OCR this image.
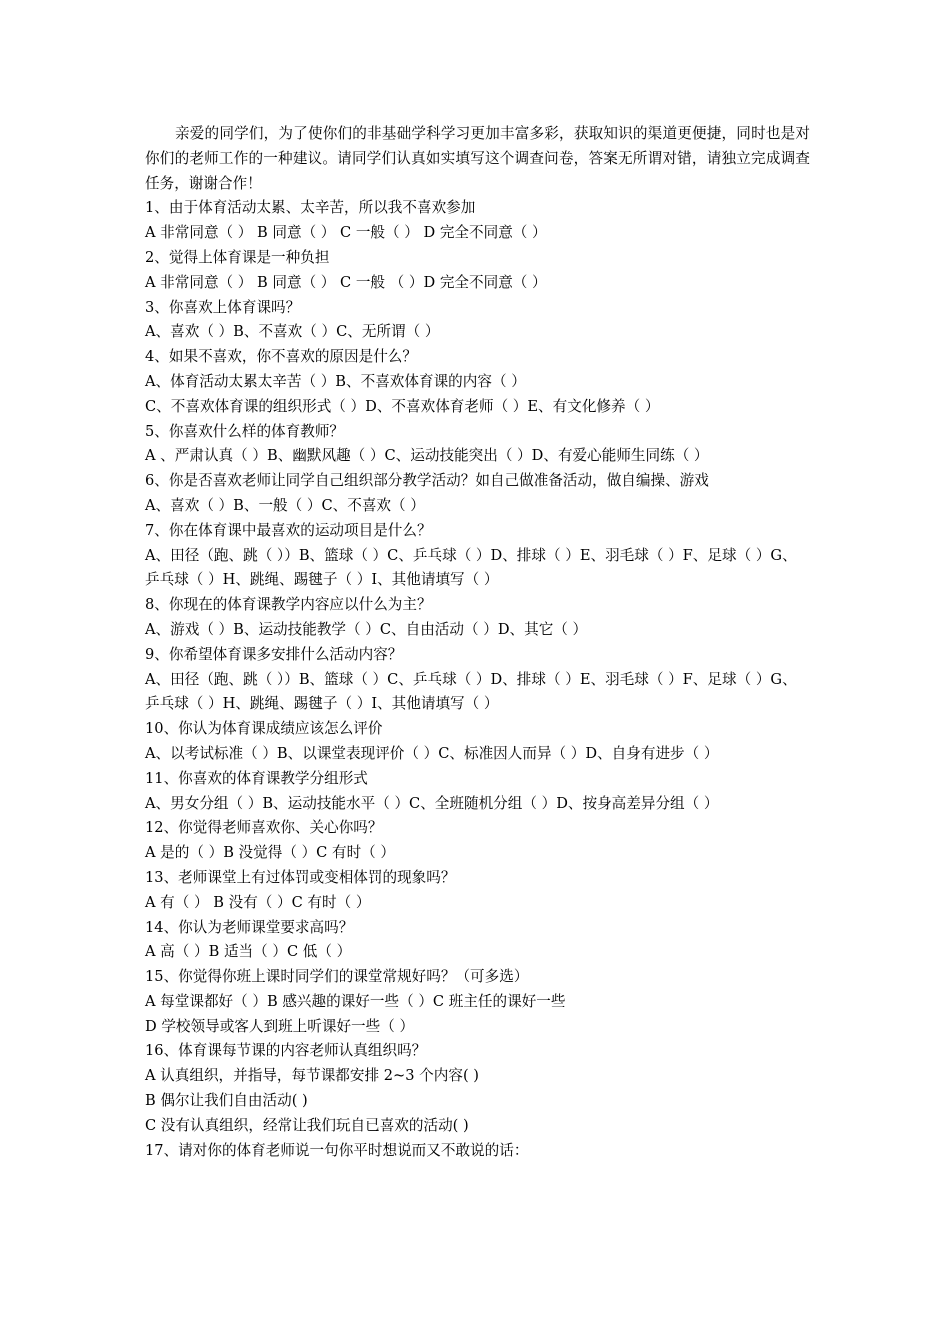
亲爱的同学们，为了使你们的非基础学科学习更加丰富多彩，获取知识的渠道更便捷，同时也是对你们的老师工作的一种建议。请同学们认真如实填写这个调查问卷，答案无所谓对错，请独立完成调查任务，谢谢合作！

1、由于体育活动太累、太辛苦，所以我不喜欢参加

A 非常同意（ ） B 同意（ ） C 一般（ ） D 完全不同意（ ）

2、觉得上体育课是一种负担

A 非常同意（ ） B 同意（ ） C 一般 （ ）D 完全不同意（ ）

3、你喜欢上体育课吗？

A、喜欢（ ）B、不喜欢（ ）C、无所谓（ ）

4、如果不喜欢，你不喜欢的原因是什么？

A、体育活动太累太辛苦（ ）B、不喜欢体育课的内容（ ）

C、不喜欢体育课的组织形式（ ）D、不喜欢体育老师（ ）E、有文化修养（ ）

5、你喜欢什么样的体育教师？

A 、严肃认真（ ）B、幽默风趣（ ）C、运动技能突出（ ）D、有爱心能师生同练（ ）

6、你是否喜欢老师让同学自己组织部分教学活动？如自己做准备活动，做自编操、游戏

A、喜欢（ ）B、一般（ ）C、不喜欢（ ）

7、你在体育课中最喜欢的运动项目是什么？

A、田径（跑、跳（ ））B、篮球（ ）C、乒乓球（ ）D、排球（ ）E、羽毛球（ ）F、足球（ ）G、乒乓球（ ）H、跳绳、踢毽子（ ）I、其他请填写（ ）

8、你现在的体育课教学内容应以什么为主？

A、游戏（ ）B、运动技能教学（ ）C、自由活动（ ）D、其它（ ）

9、你希望体育课多安排什么活动内容？

A、田径（跑、跳（ ））B、篮球（ ）C、乒乓球（ ）D、排球（ ）E、羽毛球（ ）F、足球（ ）G、乒乓球（ ）H、跳绳、踢毽子（ ）I、其他请填写（ ）

10、你认为体育课成绩应该怎么评价

A、以考试标准（ ）B、以课堂表现评价（ ）C、标准因人而异（ ）D、自身有进步（ ）

11、你喜欢的体育课教学分组形式

A、男女分组（ ）B、运动技能水平（ ）C、全班随机分组（ ）D、按身高差异分组（ ）

12、你觉得老师喜欢你、关心你吗？

A 是的（ ）B 没觉得（ ）C 有时（ ）

13、老师课堂上有过体罚或变相体罚的现象吗？

A 有（ ） B 没有（ ）C 有时（ ）

14、你认为老师课堂要求高吗？

A 高（ ）B 适当（ ）C 低（ ）

15、你觉得你班上课时同学们的课堂常规好吗？（可多选）

A 每堂课都好（ ）B 感兴趣的课好一些（ ）C 班主任的课好一些

D 学校领导或客人到班上听课好一些（ ）

16、体育课每节课的内容老师认真组织吗？

A 认真组织，并指导，每节课都安排 2~3 个内容( )

B 偶尔让我们自由活动( )

C 没有认真组织，经常让我们玩自已喜欢的活动( )

17、请对你的体育老师说一句你平时想说而又不敢说的话：
